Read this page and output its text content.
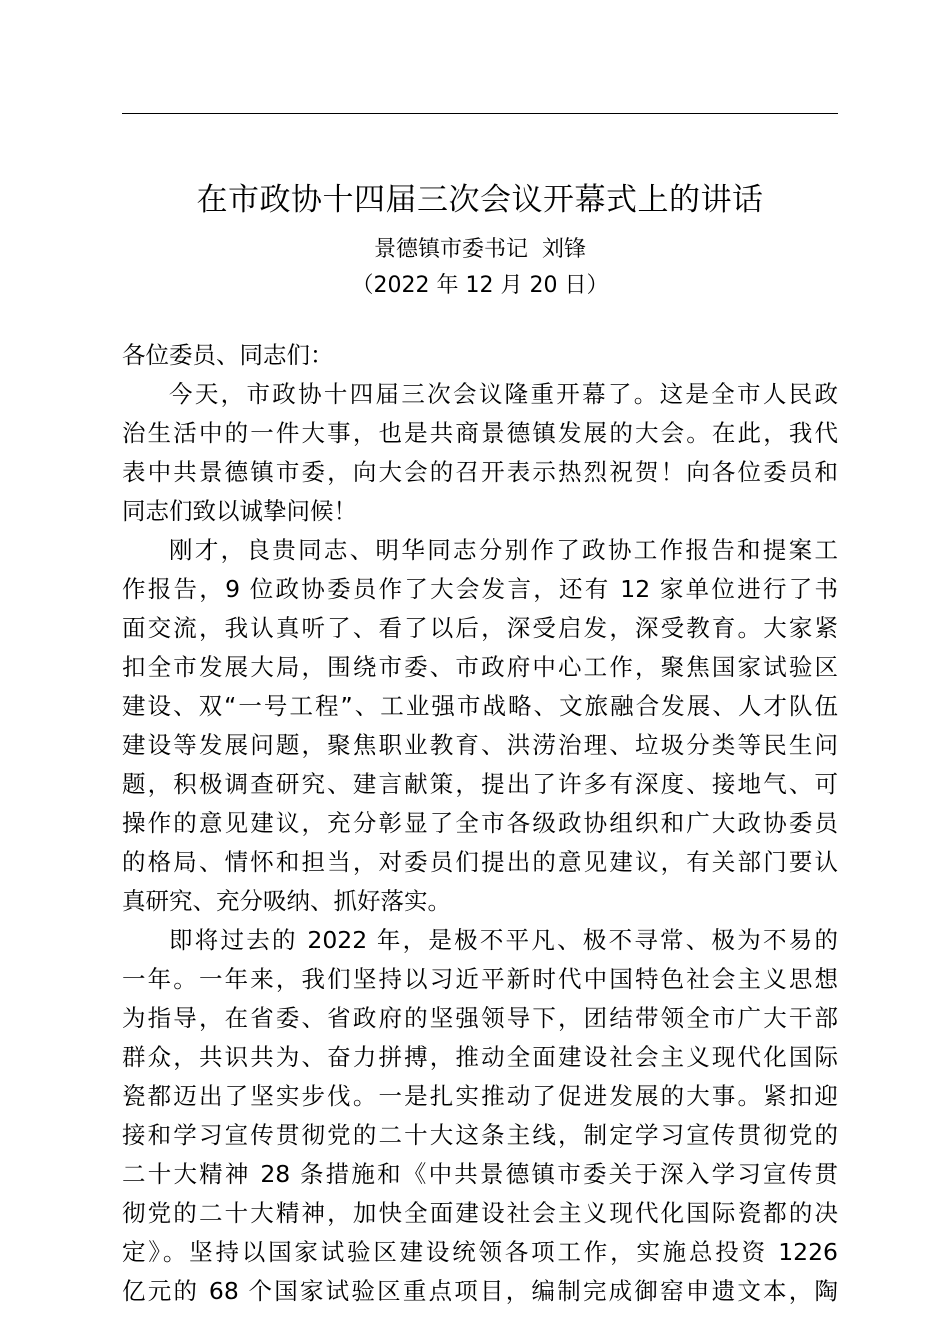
在市政协十四届三次会议开幕式上的讲话
景德镇市委书记  刘锋
（2022 年 12 月 20 日）
各位委员、同志们：
今天，市政协十四届三次会议隆重开幕了。这是全市人民政
治生活中的一件大事，也是共商景德镇发展的大会。在此，我代
表中共景德镇市委，向大会的召开表示热烈祝贺！向各位委员和
同志们致以诚挚问候！
刚才，良贵同志、明华同志分别作了政协工作报告和提案工
作报告，9 位政协委员作了大会发言，还有 12 家单位进行了书
面交流，我认真听了、看了以后，深受启发，深受教育。大家紧
扣全市发展大局，围绕市委、市政府中心工作，聚焦国家试验区
建设、双“一号工程”、工业强市战略、文旅融合发展、人才队伍
建设等发展问题，聚焦职业教育、洪涝治理、垃圾分类等民生问
题，积极调查研究、建言献策，提出了许多有深度、接地气、可
操作的意见建议，充分彰显了全市各级政协组织和广大政协委员
的格局、情怀和担当，对委员们提出的意见建议，有关部门要认
真研究、充分吸纳、抓好落实。
即将过去的 2022 年，是极不平凡、极不寻常、极为不易的
一年。一年来，我们坚持以习近平新时代中国特色社会主义思想
为指导，在省委、省政府的坚强领导下，团结带领全市广大干部
群众，共识共为、奋力拼搏，推动全面建设社会主义现代化国际
瓷都迈出了坚实步伐。一是扎实推动了促进发展的大事。紧扣迎
接和学习宣传贯彻党的二十大这条主线，制定学习宣传贯彻党的
二十大精神 28 条措施和《中共景德镇市委关于深入学习宣传贯
彻党的二十大精神，加快全面建设社会主义现代化国际瓷都的决
定》。坚持以国家试验区建设统领各项工作，实施总投资 1226
亿元的 68 个国家试验区重点项目，编制完成御窑申遗文本，陶
